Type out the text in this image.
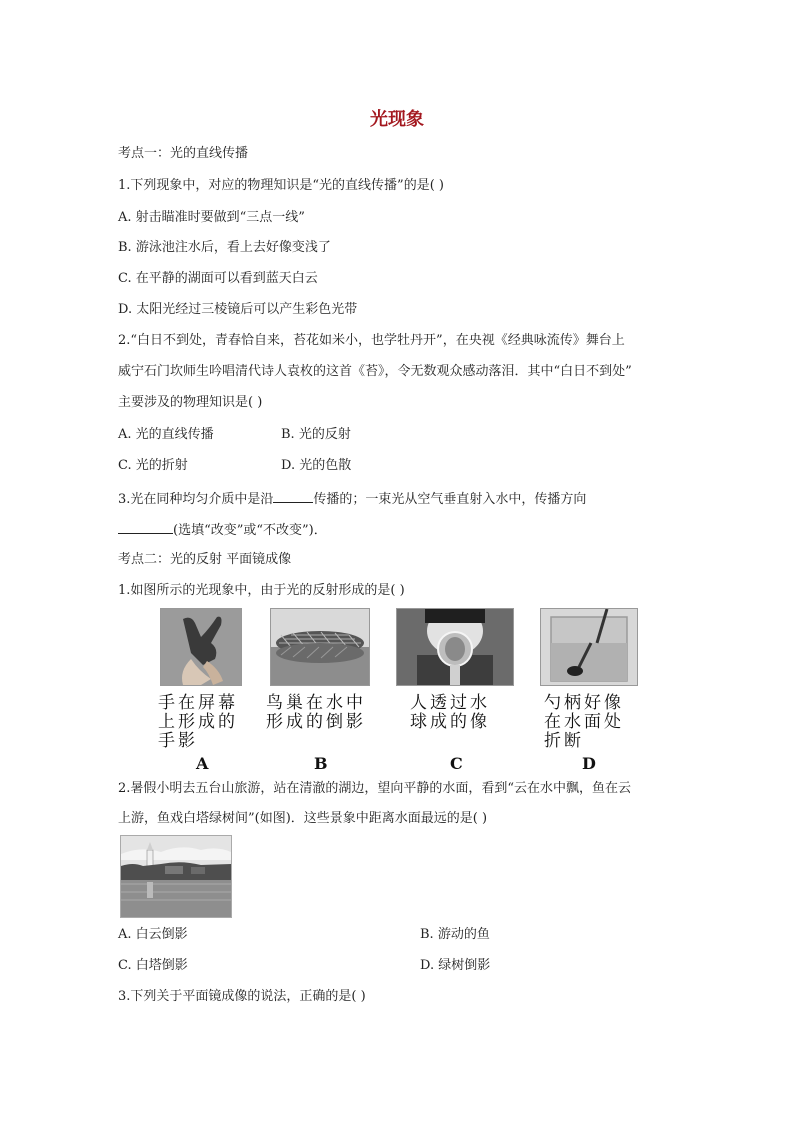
光现象
考点一：光的直线传播
1.下列现象中，对应的物理知识是“光的直线传播”的是( )
A. 射击瞄准时要做到“三点一线”
B. 游泳池注水后，看上去好像变浅了
C. 在平静的湖面可以看到蓝天白云
D. 太阳光经过三棱镜后可以产生彩色光带
2.“白日不到处，青春恰自来，苔花如米小，也学牡丹开”，在央视《经典咏流传》舞台上
威宁石门坎师生吟唱清代诗人袁枚的这首《苔》，令无数观众感动落泪．其中“白日不到处”
主要涉及的物理知识是( )
A. 光的直线传播	B. 光的反射
C. 光的折射	D. 光的色散
3.光在同种均匀介质中是沿	传播的；一束光从空气垂直射入水中，传播方向
(选填“改变”或“不改变”)．
考点二：光的反射 平面镜成像
1.如图所示的光现象中，由于光的反射形成的是( )
手在屏幕
上形成的
手影
鸟巢在水中
形成的倒影
人透过水
球成的像
勺柄好像
在水面处
折断
A	B	C	D
2.暑假小明去五台山旅游，站在清澈的湖边，望向平静的水面，看到“云在水中飘，鱼在云
上游，鱼戏白塔绿树间”(如图)．这些景象中距离水面最远的是( )
A. 白云倒影	B. 游动的鱼
C. 白塔倒影	D. 绿树倒影
3.下列关于平面镜成像的说法，正确的是( )
